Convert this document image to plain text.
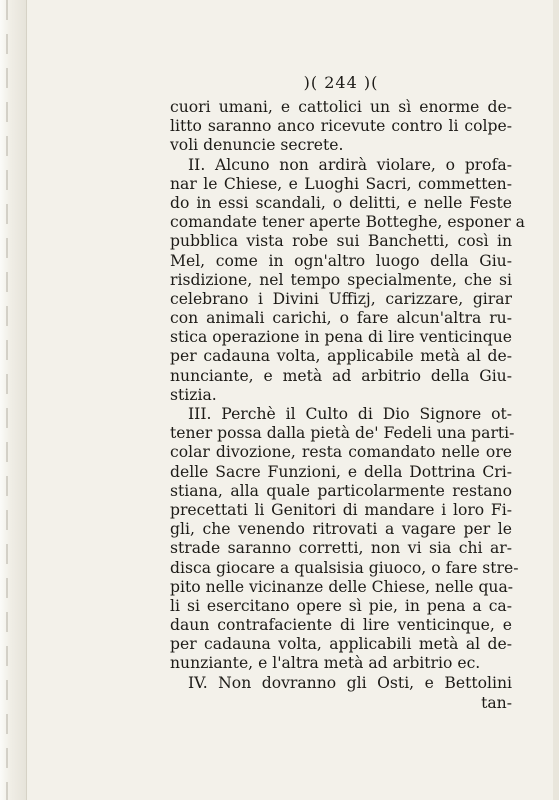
)( 244 )(
cuori umani, e cattolici un sì enorme de-
litto saranno anco ricevute contro li colpe-
voli denuncie secrete.
II. Alcuno non ardirà violare, o profa-
nar le Chiese, e Luoghi Sacri, commetten-
do in essi scandali, o delitti, e nelle Feste
comandate tener aperte Botteghe, esponer a
pubblica vista robe sui Banchetti, così in
Mel, come in ogn'altro luogo della Giu-
risdizione, nel tempo specialmente, che si
celebrano i Divini Uffizj, carizzare, girar
con animali carichi, o fare alcun'altra ru-
stica operazione in pena di lire venticinque
per cadauna volta, applicabile metà al de-
nunciante, e metà ad arbitrio della Giu-
stizia.
III. Perchè il Culto di Dio Signore ot-
tener possa dalla pietà de' Fedeli una parti-
colar divozione, resta comandato nelle ore
delle Sacre Funzioni, e della Dottrina Cri-
stiana, alla quale particolarmente restano
precettati li Genitori di mandare i loro Fi-
gli, che venendo ritrovati a vagare per le
strade saranno corretti, non vi sia chi ar-
disca giocare a qualsisia giuoco, o fare stre-
pito nelle vicinanze delle Chiese, nelle qua-
li si esercitano opere sì pie, in pena a ca-
daun contrafaciente di lire venticinque, e
per cadauna volta, applicabili metà al de-
nunziante, e l'altra metà ad arbitrio ec.
IV. Non dovranno gli Osti, e Bettolini
tan-
